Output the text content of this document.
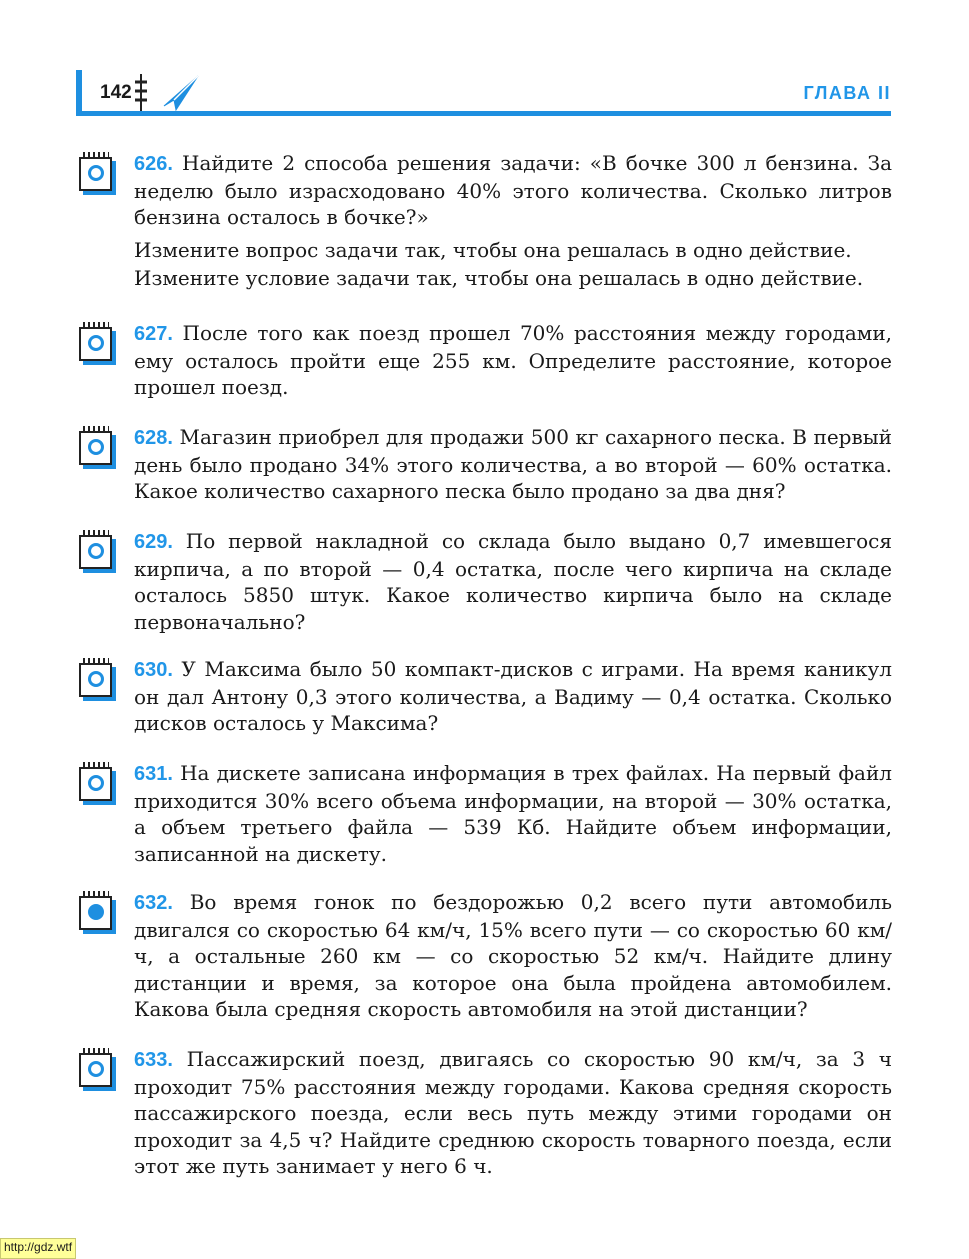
142	ГЛАВА II

626. Найдите 2 способа решения задачи: «В бочке 300 л бензина. За неделю было израсходовано 40% этого количества. Сколько литров бензина осталось в бочке?»

Измените вопрос задачи так, чтобы она решалась в одно действие.

Измените условие задачи так, чтобы она решалась в одно действие.

627. После того как поезд прошел 70% расстояния между городами, ему осталось пройти еще 255 км. Определите расстояние, которое прошел поезд.

628. Магазин приобрел для продажи 500 кг сахарного песка. В первый день было продано 34% этого количества, а во второй — 60% остатка. Какое количество сахарного песка было продано за два дня?

629. По первой накладной со склада было выдано 0,7 имевшегося кирпича, а по второй — 0,4 остатка, после чего кирпича на складе осталось 5850 штук. Какое количество кирпича было на складе первоначально?

630. У Максима было 50 компакт-дисков с играми. На время каникул он дал Антону 0,3 этого количества, а Вадиму — 0,4 остатка. Сколько дисков осталось у Максима?

631. На дискете записана информация в трех файлах. На первый файл приходится 30% всего объема информации, на второй — 30% остатка, а объем третьего файла — 539 Кб. Найдите объем информации, записанной на дискету.

632. Во время гонок по бездорожью 0,2 всего пути автомобиль двигался со скоростью 64 км/ч, 15% всего пути — со скоростью 60 км/ч, а остальные 260 км — со скоростью 52 км/ч. Найдите длину дистанции и время, за которое она была пройдена автомобилем. Какова была средняя скорость автомобиля на этой дистанции?

633. Пассажирский поезд, двигаясь со скоростью 90 км/ч, за 3 ч проходит 75% расстояния между городами. Какова средняя скорость пассажирского поезда, если весь путь между этими городами он проходит за 4,5 ч? Найдите среднюю скорость товарного поезда, если этот же путь занимает у него 6 ч.

http://gdz.wtf
